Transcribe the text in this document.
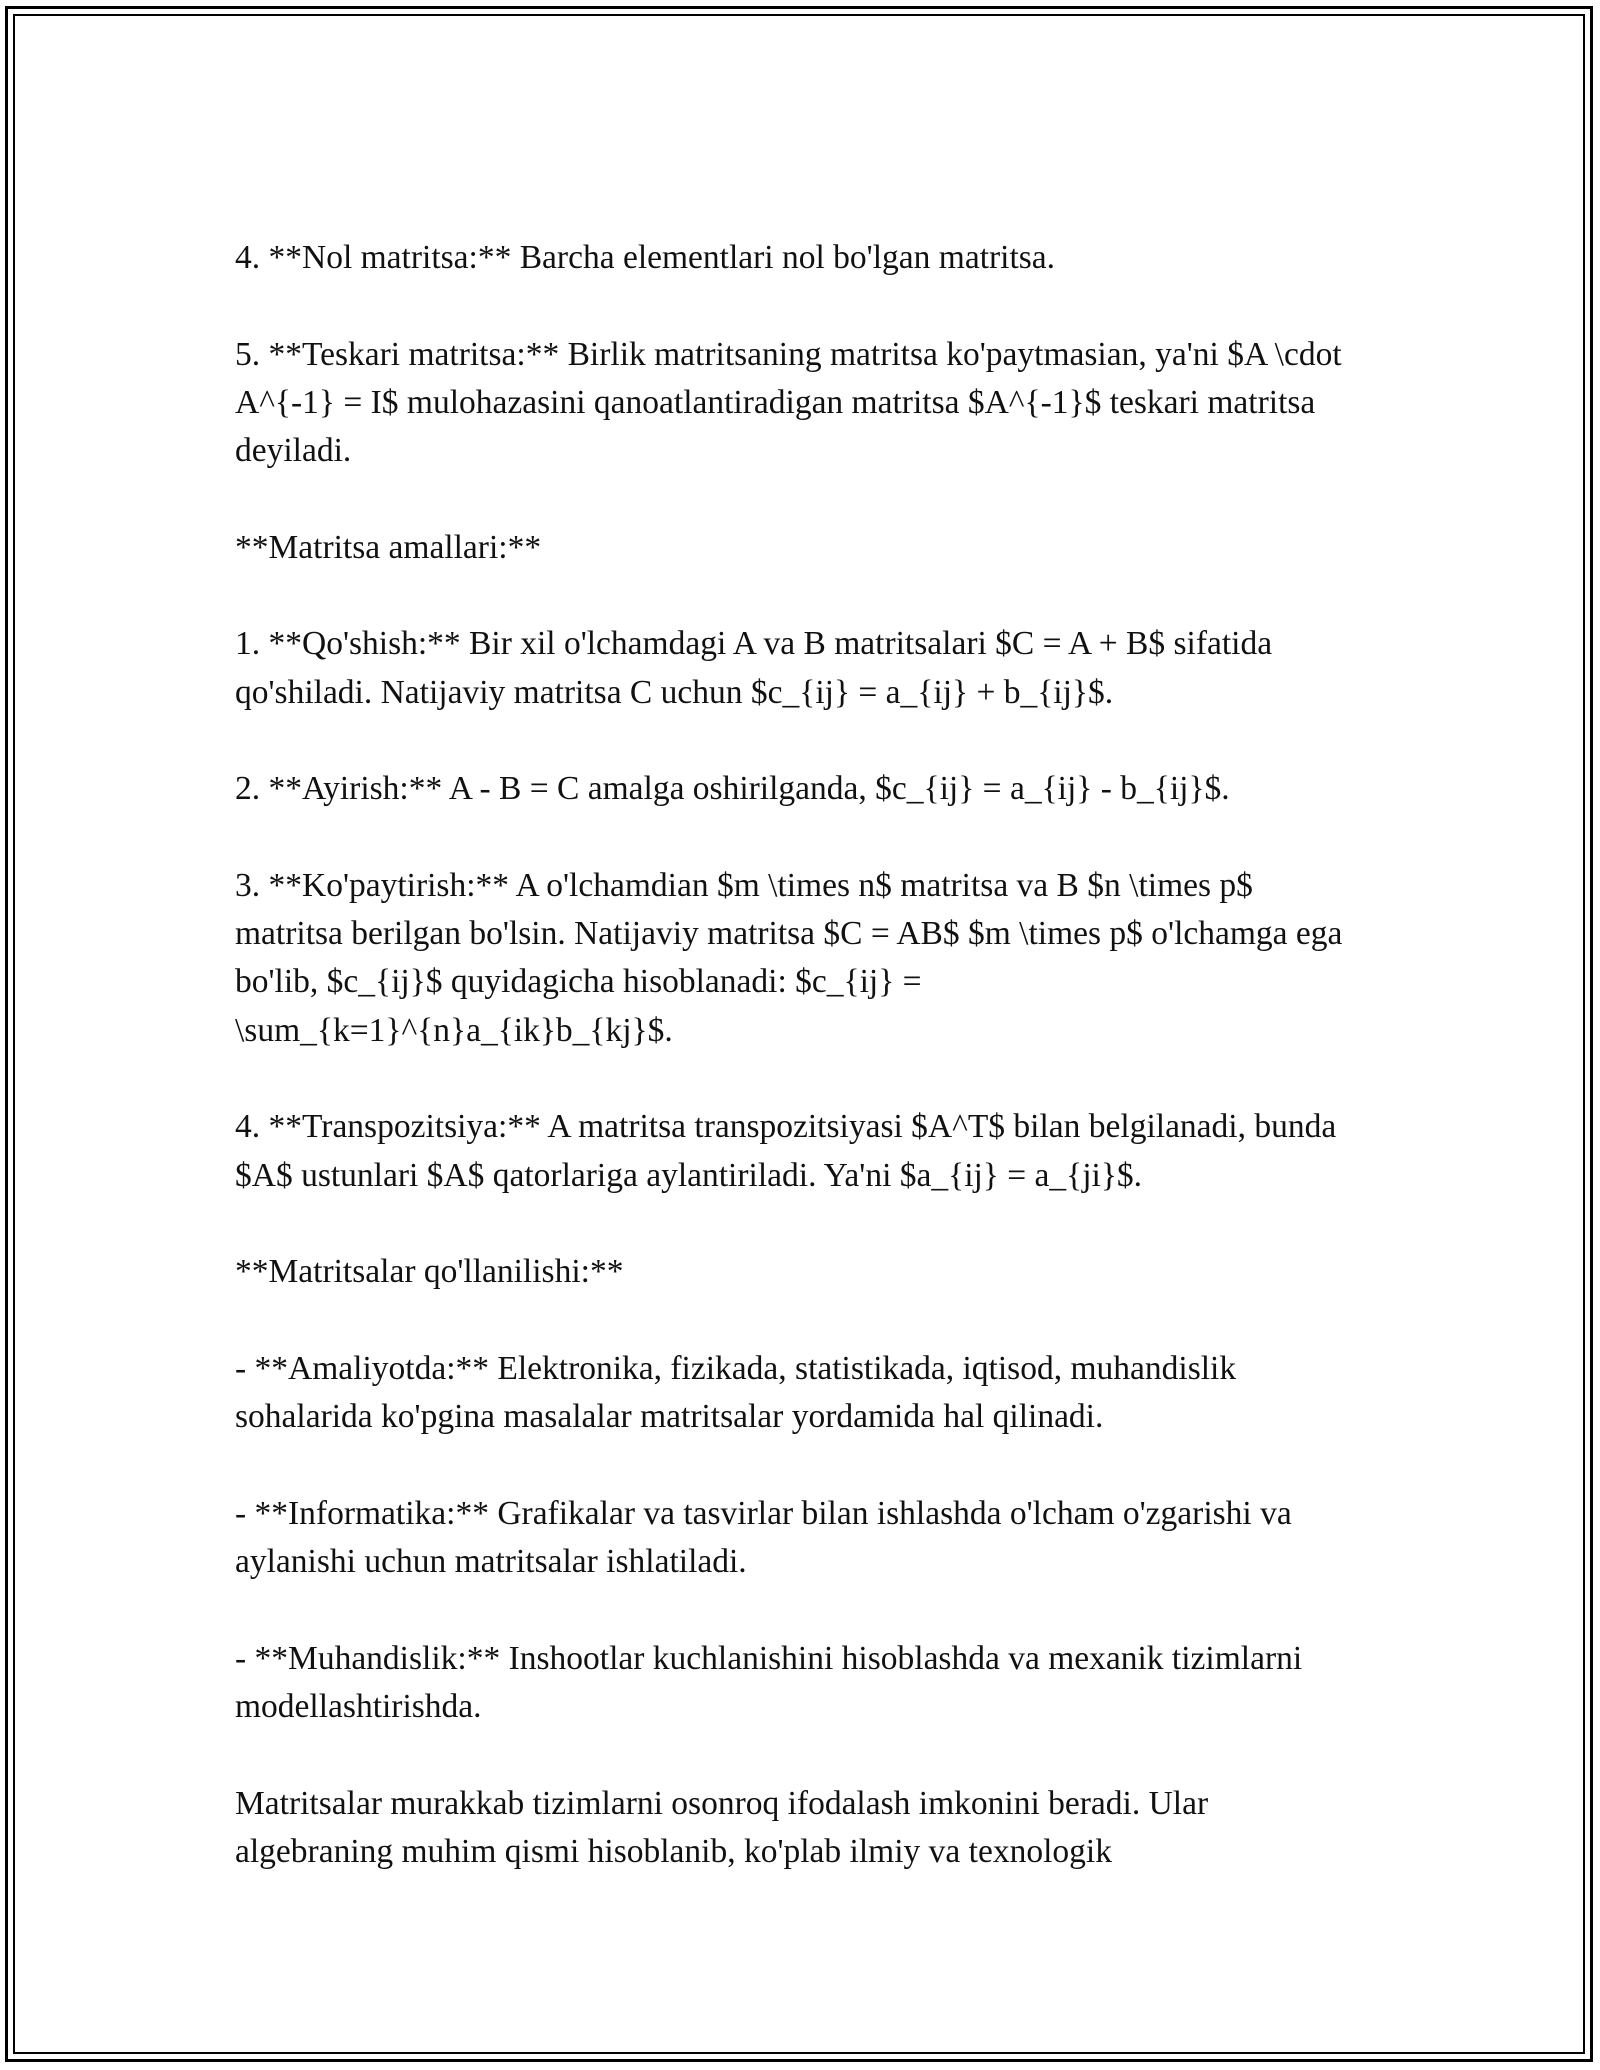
4. **Nol matritsa:** Barcha elementlari nol bo'lgan matritsa.

5. **Teskari matritsa:** Birlik matritsaning matritsa ko'paytmasian, ya'ni $A \cdot A^{-1} = I$ mulohazasini qanoatlantiradigan matritsa $A^{-1}$ teskari matritsa deyiladi.

**Matritsa amallari:**

1. **Qo'shish:** Bir xil o'lchamdagi A va B matritsalari $C = A + B$ sifatida qo'shiladi. Natijaviy matritsa C uchun $c_{ij} = a_{ij} + b_{ij}$.

2. **Ayirish:** A - B = C amalga oshirilganda, $c_{ij} = a_{ij} - b_{ij}$.

3. **Ko'paytirish:** A o'lchamdian $m \times n$ matritsa va B $n \times p$ matritsa berilgan bo'lsin. Natijaviy matritsa $C = AB$ $m \times p$ o'lchamga ega bo'lib, $c_{ij}$ quyidagicha hisoblanadi: $c_{ij} = \sum_{k=1}^{n}a_{ik}b_{kj}$.

4. **Transpozitsiya:** A matritsa transpozitsiyasi $A^T$ bilan belgilanadi, bunda $A$ ustunlari $A$ qatorlariga aylantiriladi. Ya'ni $a_{ij} = a_{ji}$.

**Matritsalar qo'llanilishi:**

- **Amaliyotda:** Elektronika, fizikada, statistikada, iqtisod, muhandislik sohalarida ko'pgina masalalar matritsalar yordamida hal qilinadi.

- **Informatika:** Grafikalar va tasvirlar bilan ishlashda o'lcham o'zgarishi va aylanishi uchun matritsalar ishlatiladi.

- **Muhandislik:** Inshootlar kuchlanishini hisoblashda va mexanik tizimlarni modellashtirishda.

Matritsalar murakkab tizimlarni osonroq ifodalash imkonini beradi. Ular algebraning muhim qismi hisoblanib, ko'plab ilmiy va texnologik
